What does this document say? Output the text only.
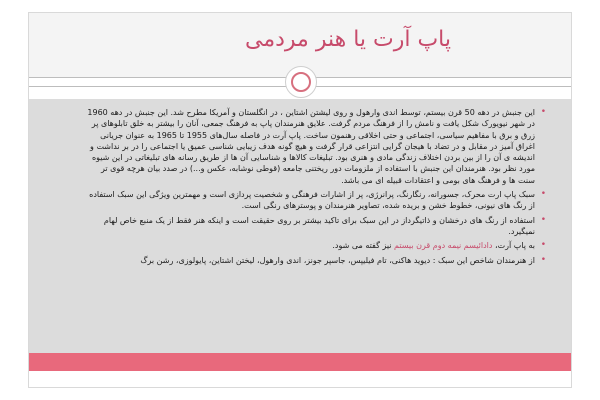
پاپ آرت یا هنر مردمی
• این جنبش در دهه 50 قرن بیستم، توسط اندی وارهول و روی لیشتن اشتاین ، در انگلستان و آمریکا مطرح شد. این جنبش در دهه 1960 در شهر نیویورک شکل یافت و نامش را از فرهنگ مردم گرفت. علایق هنرمندان پاپ به فرهنگ جمعی، آنان را بیشتر به خلق تابلوهای پر زرق و برق با مفاهیم سیاسی، اجتماعی و حتی اخلاقی رهنمون ساخت. پاپ آرت در فاصله سال‌های 1955 تا 1965 به عنوان جریانی اغراق آمیز در مقابل و در تضاد با هیجان گرایی انتزاعی قرار گرفت و هیچ گونه هدف زیبایی شناسی عمیق یا اجتماعی را در بر نداشت و اندیشه ی آن را از بین بردن اختلاف زندگی مادی و هنری بود. تبلیغات کالاها و شناسایی آن ها از طریق رسانه های تبلیغاتی در این شیوه مورد نظر بود. هنرمندان این جنبش با استفاده از ملزومات دور ریختنی جامعه (قوطی نوشابه، عکس و...) در صدد بیان هرچه قوی تر سنت ها و فرهنگ های بومی و اعتقادات قبیله ای می باشد.
• سبک پاپ ارت محرک، جسورانه، رنگارنگ، پرانرژی، پر از اشارات فرهنگی و شخصیت پردازی است و مهمترین ویژگی این سبک استفاده از رنگ های نیونی، خطوط خشن و بریده شده، تصاویر هنرمندان و پوسترهای رنگی است.
• استفاده از رنگ های درخشان و ذاتیگرداز در این سبک برای تاکید بیشتر بر روی حقیقت است و اینکه هنر فقط از یک منبع خاص لهام نمیگیرد.
• به پاپ آرت، دادائیسم نیمه دوم قرن بیستم نیز گفته می شود.
• از هنرمندان شاخص این سبک : دیوید هاکنی، تام فیلیپس، جاسپر جونز، اندی وارهول، لیختن اشتاین، پایولوزی، رشن برگ
